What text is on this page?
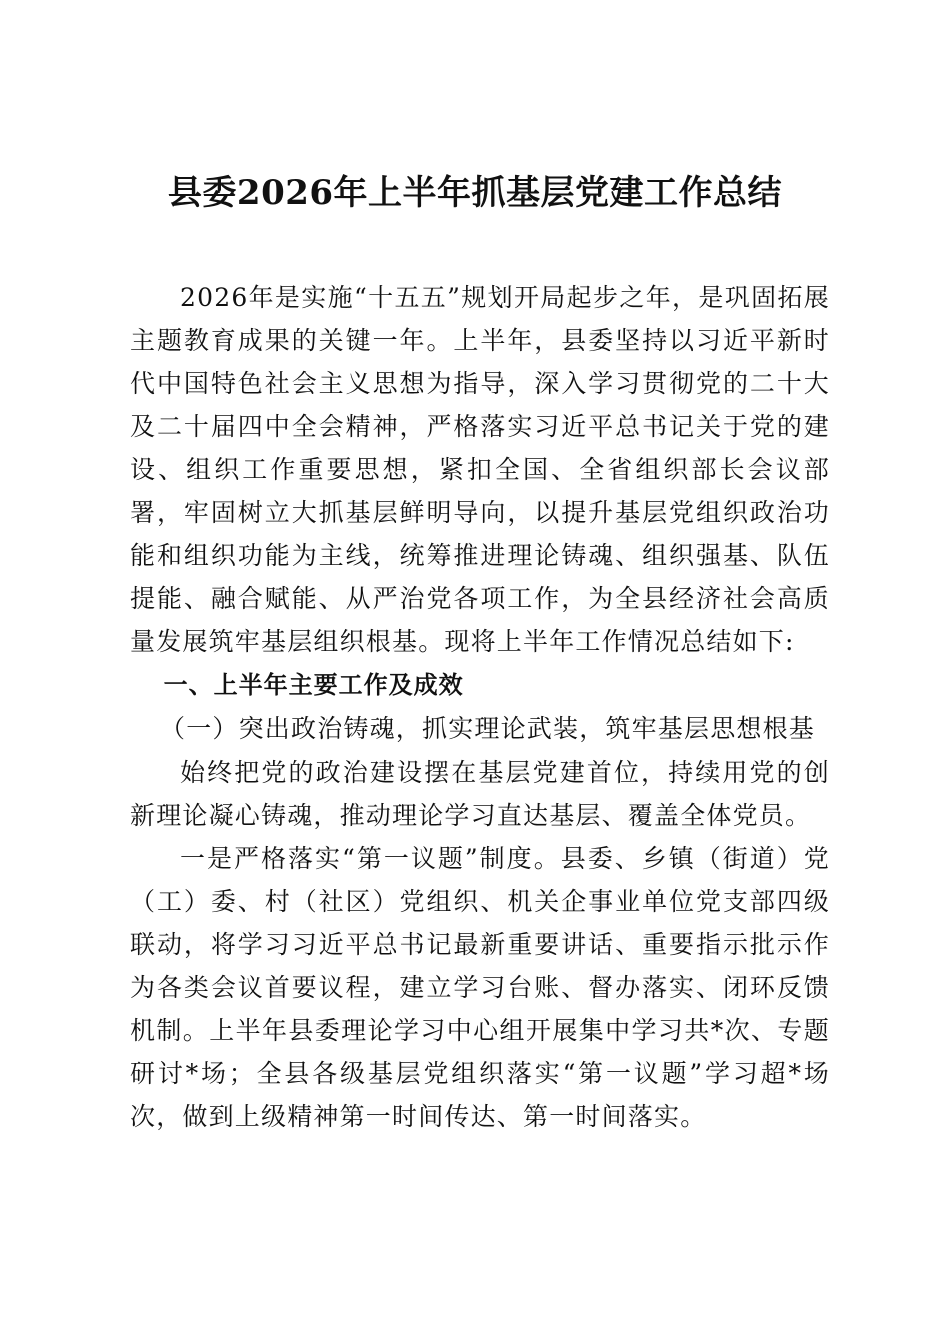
县委2026年上半年抓基层党建工作总结

2026年是实施“十五五”规划开局起步之年，是巩固拓展主题教育成果的关键一年。上半年，县委坚持以习近平新时代中国特色社会主义思想为指导，深入学习贯彻党的二十大及二十届四中全会精神，严格落实习近平总书记关于党的建设、组织工作重要思想，紧扣全国、全省组织部长会议部署，牢固树立大抓基层鲜明导向，以提升基层党组织政治功能和组织功能为主线，统筹推进理论铸魂、组织强基、队伍提能、融合赋能、从严治党各项工作，为全县经济社会高质量发展筑牢基层组织根基。现将上半年工作情况总结如下:

一、上半年主要工作及成效

（一）突出政治铸魂，抓实理论武装，筑牢基层思想根基

始终把党的政治建设摆在基层党建首位，持续用党的创新理论凝心铸魂，推动理论学习直达基层、覆盖全体党员。

一是严格落实“第一议题”制度。县委、乡镇（街道）党（工）委、村（社区）党组织、机关企事业单位党支部四级联动，将学习习近平总书记最新重要讲话、重要指示批示作为各类会议首要议程，建立学习台账、督办落实、闭环反馈机制。上半年县委理论学习中心组开展集中学习共*次、专题研讨*场；全县各级基层党组织落实“第一议题”学习超*场次，做到上级精神第一时间传达、第一时间落实。
